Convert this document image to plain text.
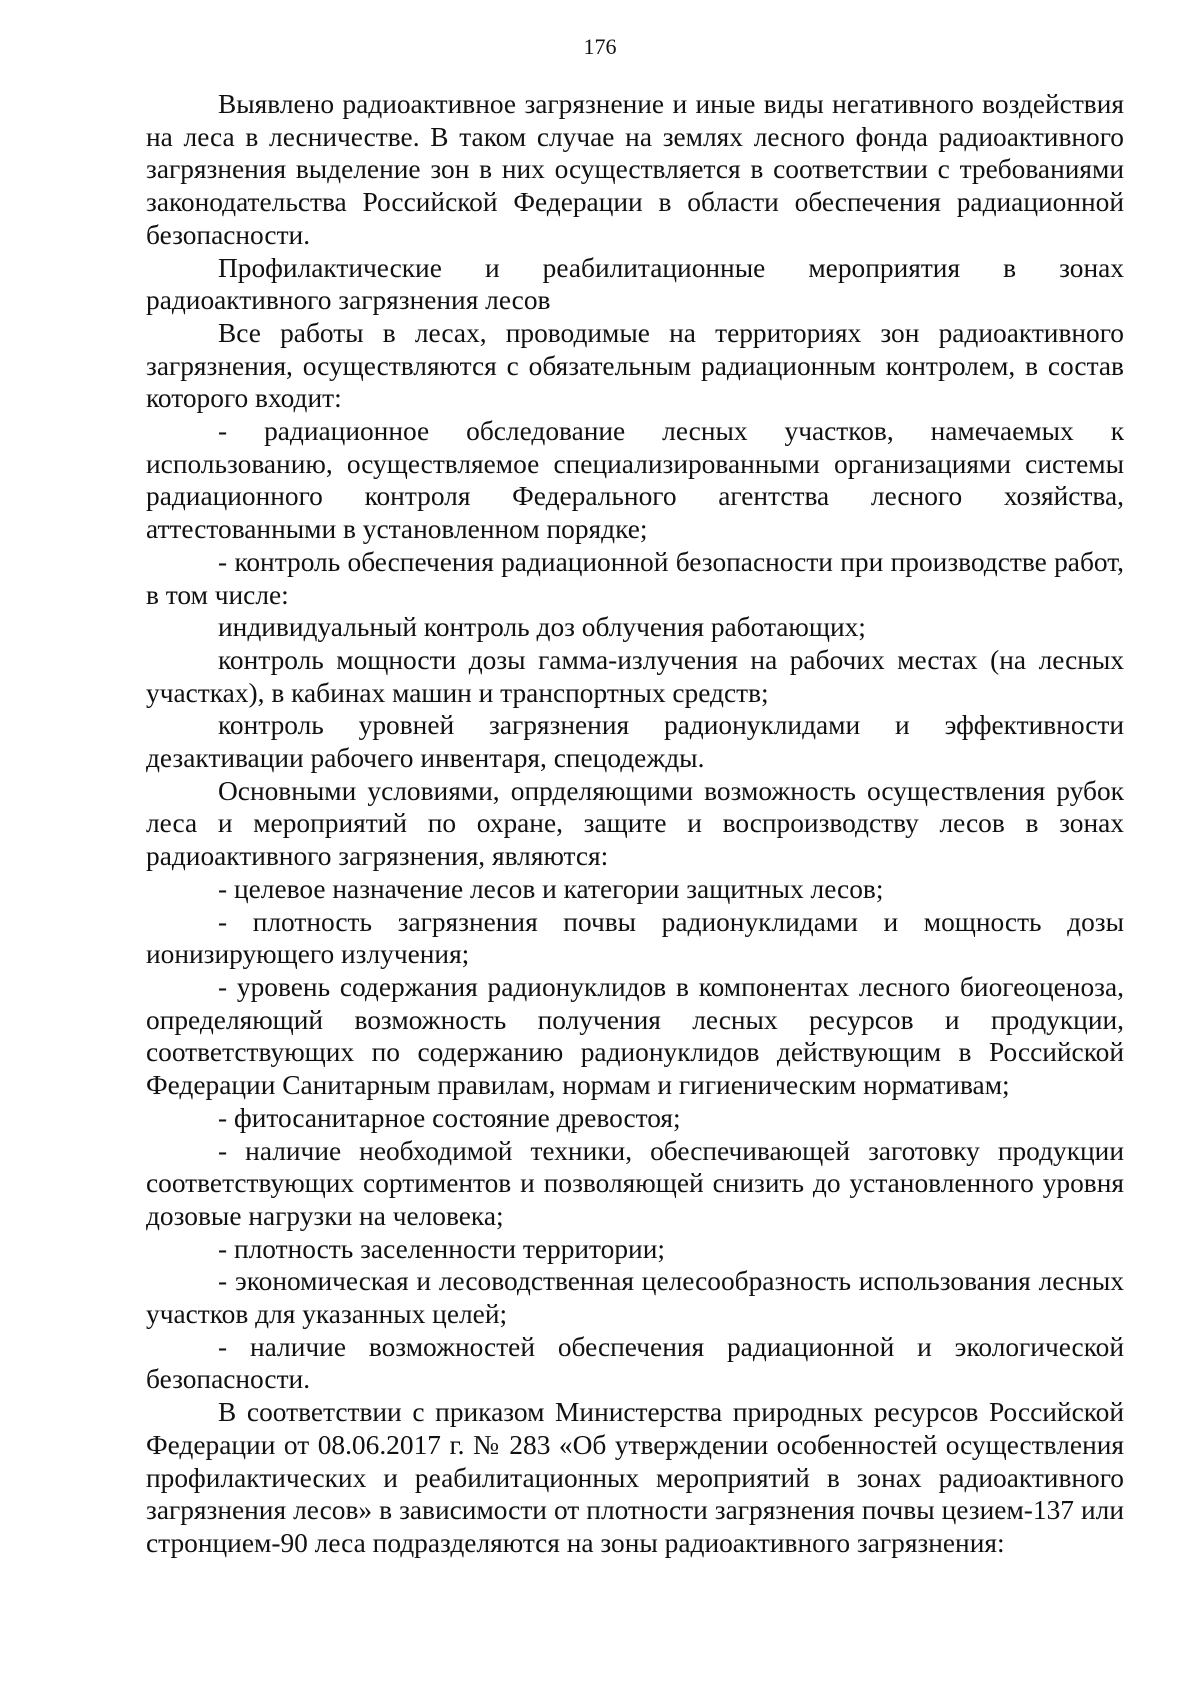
176

Выявлено радиоактивное загрязнение и иные виды негативного воздействия на леса в лесничестве. В таком случае на землях лесного фонда радиоактивного загрязнения выделение зон в них осуществляется в соответствии с требованиями законодательства Российской Федерации в области обеспечения радиационной безопасности.

Профилактические и реабилитационные мероприятия в зонах радиоактивного загрязнения лесов

Все работы в лесах, проводимые на территориях зон радиоактивного загрязнения, осуществляются с обязательным радиационным контролем, в состав которого входит:

- радиационное обследование лесных участков, намечаемых к использованию, осуществляемое специализированными организациями системы радиационного контроля Федерального агентства лесного хозяйства, аттестованными в установленном порядке;

- контроль обеспечения радиационной безопасности при производстве работ, в том числе:

индивидуальный контроль доз облучения работающих;

контроль мощности дозы гамма-излучения на рабочих местах (на лесных участках), в кабинах машин и транспортных средств;

контроль уровней загрязнения радионуклидами и эффективности дезактивации рабочего инвентаря, спецодежды.

Основными условиями, опрделяющими возможность осуществления рубок леса и мероприятий по охране, защите и воспроизводству лесов в зонах радиоактивного загрязнения, являются:

- целевое назначение лесов и категории защитных лесов;

- плотность загрязнения почвы радионуклидами и мощность дозы ионизирующего излучения;

- уровень содержания радионуклидов в компонентах лесного биогеоценоза, определяющий возможность получения лесных ресурсов и продукции, соответствующих по содержанию радионуклидов действующим в Российской Федерации Санитарным правилам, нормам и гигиеническим нормативам;

- фитосанитарное состояние древостоя;

- наличие необходимой техники, обеспечивающей заготовку продукции соответствующих сортиментов и позволяющей снизить до установленного уровня дозовые нагрузки на человека;

- плотность заселенности территории;

- экономическая и лесоводственная целесообразность использования лесных участков для указанных целей;

- наличие возможностей обеспечения радиационной и экологической безопасности.

В соответствии с приказом Министерства природных ресурсов Российской Федерации от 08.06.2017 г. № 283 «Об утверждении особенностей осуществления профилактических и реабилитационных мероприятий в зонах радиоактивного загрязнения лесов» в зависимости от плотности загрязнения почвы цезием-137 или стронцием-90 леса подразделяются на зоны радиоактивного загрязнения:
